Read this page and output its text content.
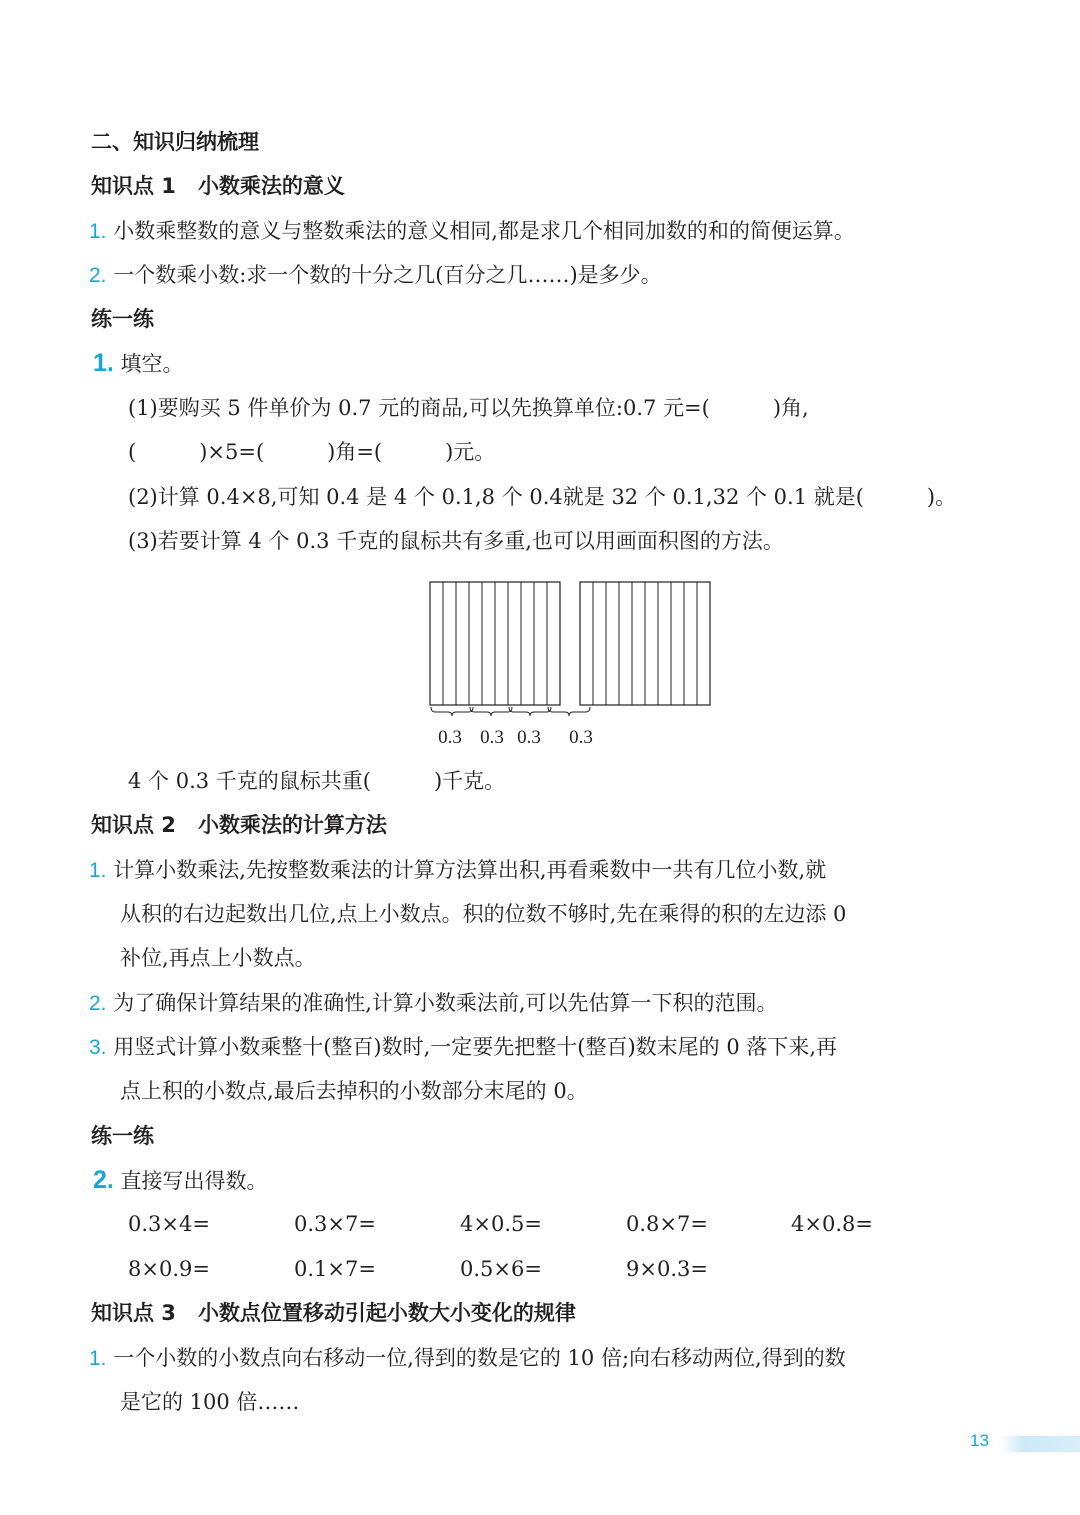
二、知识归纳梳理
知识点 1 小数乘法的意义
1. 小数乘整数的意义与整数乘法的意义相同,都是求几个相同加数的和的简便运算。
2. 一个数乘小数:求一个数的十分之几(百分之几……)是多少。
练一练
1. 填空。
(1)要购买 5 件单价为 0.7 元的商品,可以先换算单位:0.7 元=(　　　)角,
(　　　)×5=(　　　)角=(　　　)元。
(2)计算 0.4×8,可知 0.4 是 4 个 0.1,8 个 0.4就是 32 个 0.1,32 个 0.1 就是(　　　)。
(3)若要计算 4 个 0.3 千克的鼠标共有多重,也可以用画面积图的方法。
0.3 0.3 0.3 0.3
4 个 0.3 千克的鼠标共重(　　　)千克。
知识点 2 小数乘法的计算方法
1. 计算小数乘法,先按整数乘法的计算方法算出积,再看乘数中一共有几位小数,就
从积的右边起数出几位,点上小数点。积的位数不够时,先在乘得的积的左边添 0
补位,再点上小数点。
2. 为了确保计算结果的准确性,计算小数乘法前,可以先估算一下积的范围。
3. 用竖式计算小数乘整十(整百)数时,一定要先把整十(整百)数末尾的 0 落下来,再
点上积的小数点,最后去掉积的小数部分末尾的 0。
练一练
2. 直接写出得数。
0.3×4=	0.3×7=	4×0.5=	0.8×7=	4×0.8=
8×0.9=	0.1×7=	0.5×6=	9×0.3=
知识点 3 小数点位置移动引起小数大小变化的规律
1. 一个小数的小数点向右移动一位,得到的数是它的 10 倍;向右移动两位,得到的数
是它的 100 倍……
13
